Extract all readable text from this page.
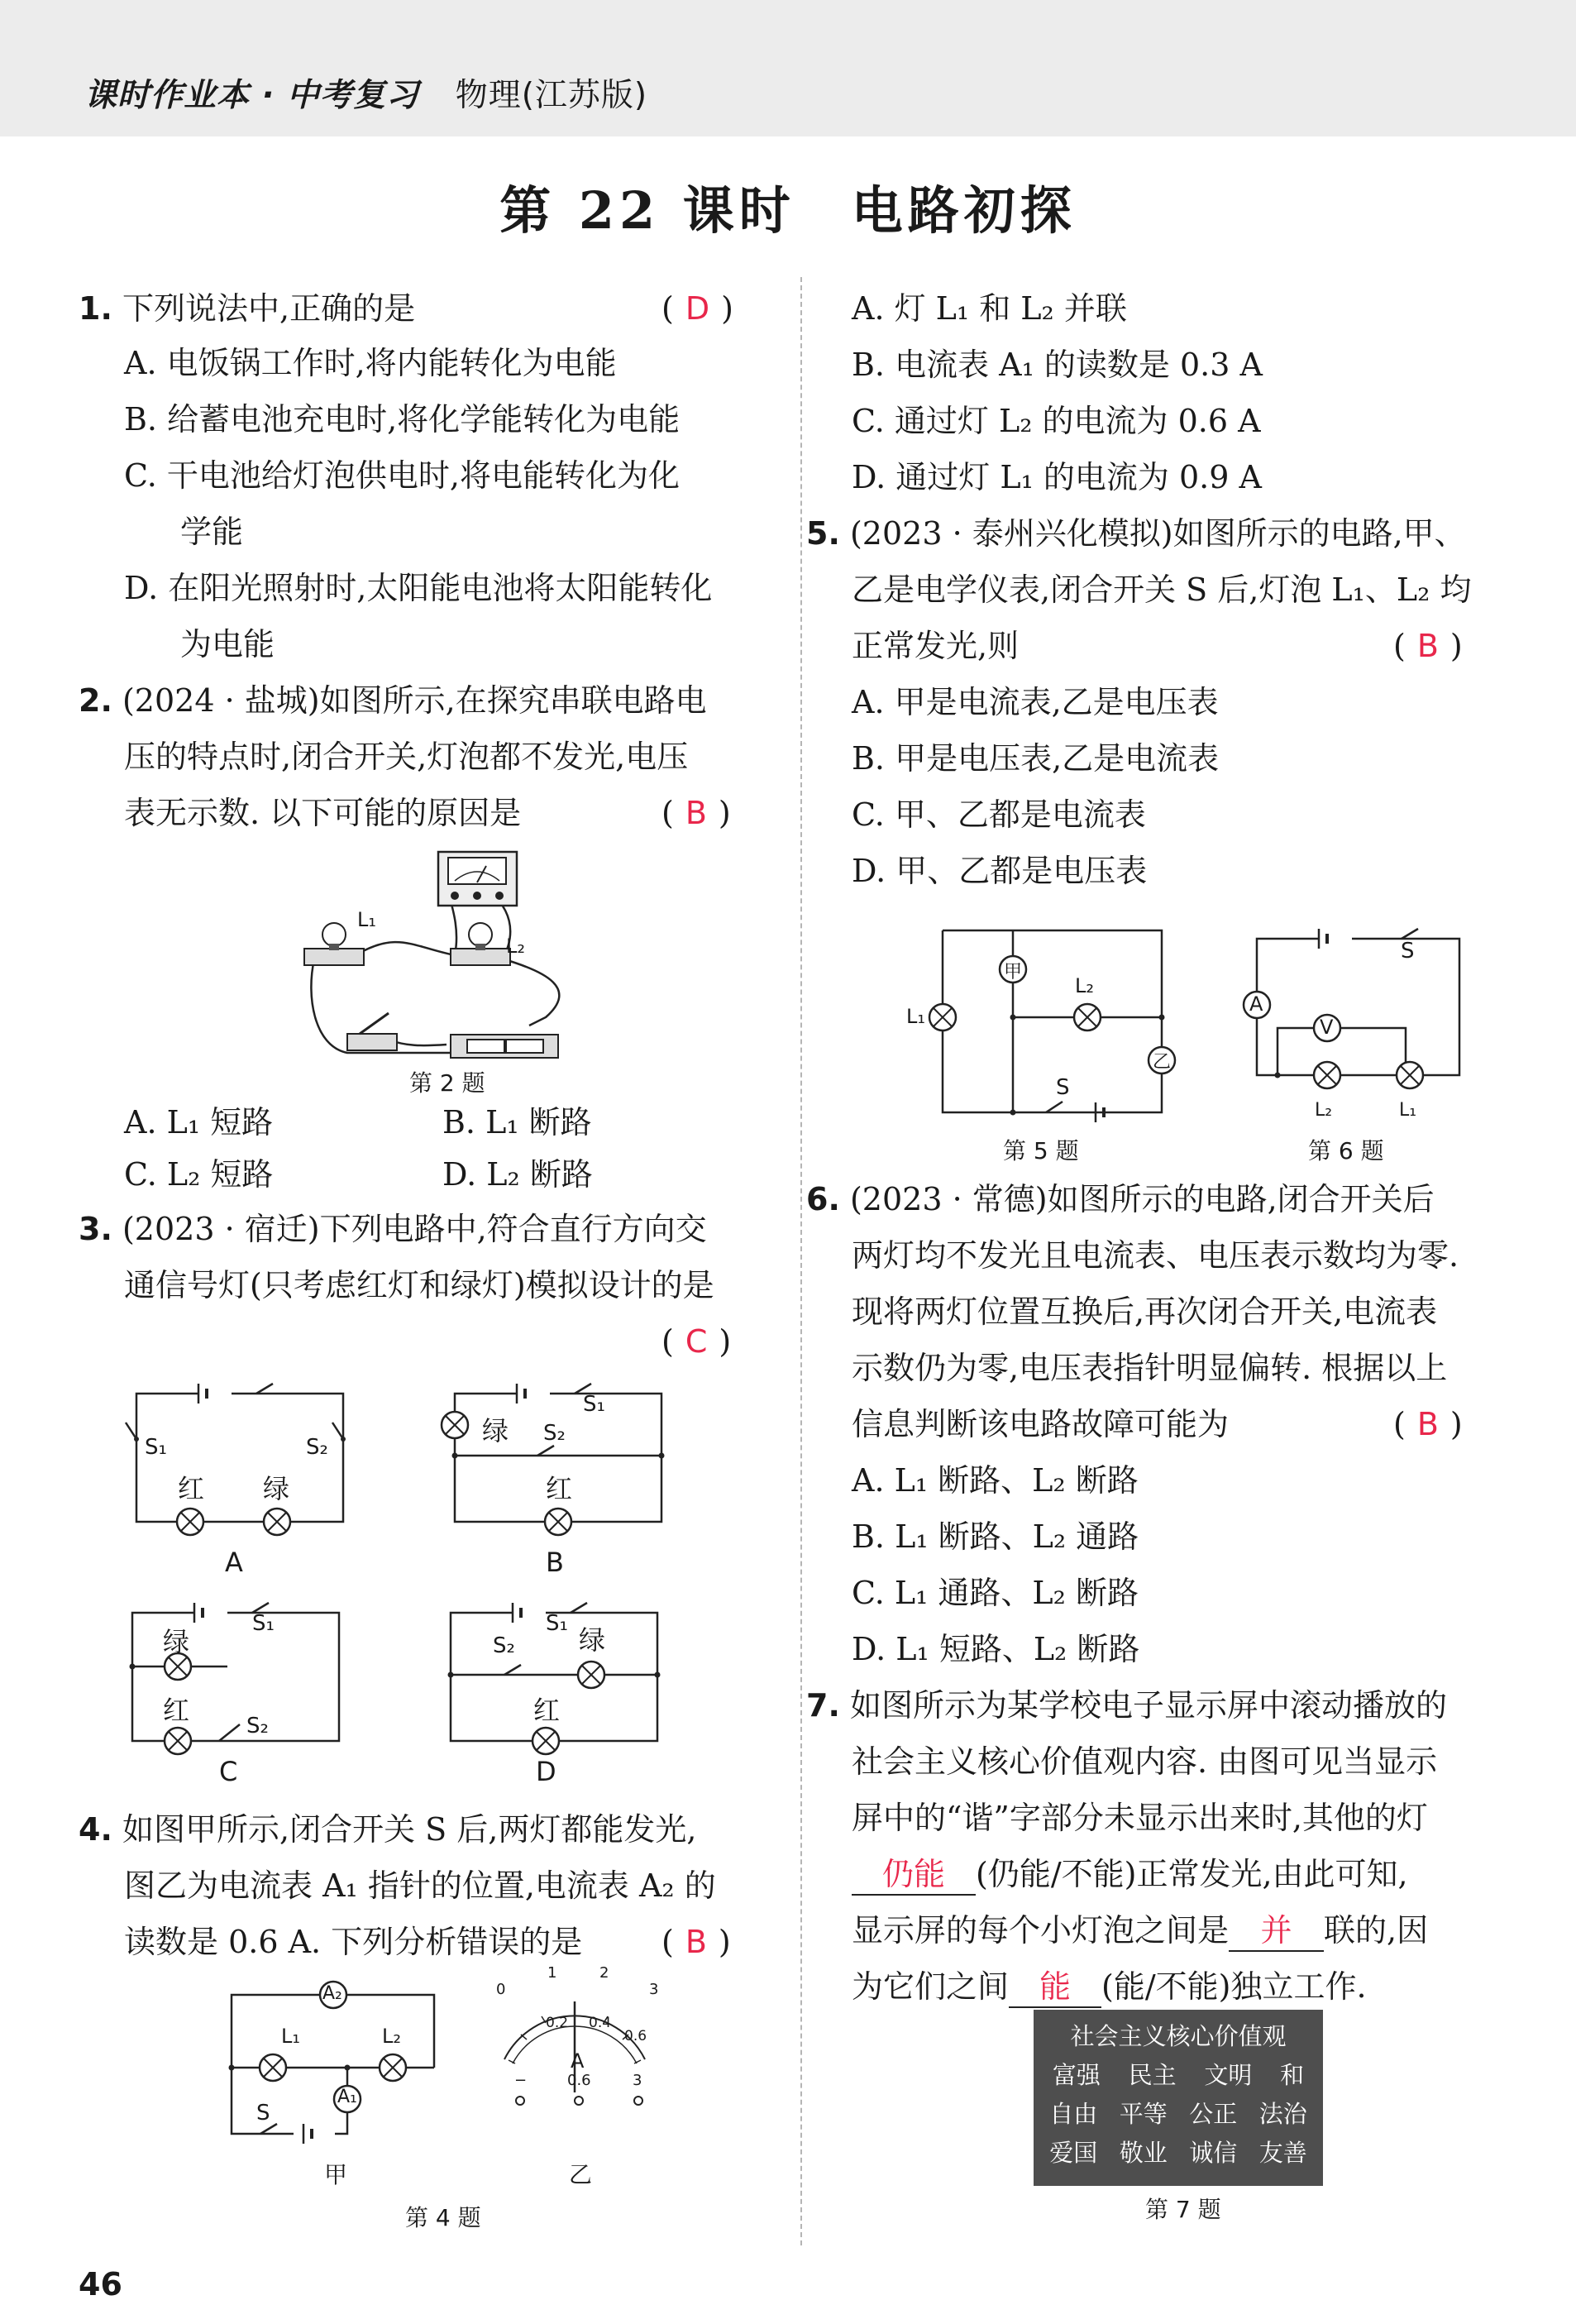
课时作业本 · 中考复习 物理(江苏版)
第 22 课时　电路初探
1. 下列说法中,正确的是	( D )
A. 电饭锅工作时,将内能转化为电能
B. 给蓄电池充电时,将化学能转化为电能
C. 干电池给灯泡供电时,将电能转化为化
学能
D. 在阳光照射时,太阳能电池将太阳能转化
为电能
2. (2024 · 盐城)如图所示,在探究串联电路电
压的特点时,闭合开关,灯泡都不发光,电压
表无示数. 以下可能的原因是	( B )
L₁
L₂
第 2 题
A. L₁ 短路	B. L₁ 断路
C. L₂ 短路	D. L₂ 断路
3. (2023 · 宿迁)下列电路中,符合直行方向交
通信号灯(只考虑红灯和绿灯)模拟设计的是
( C )
S₁	S₂
红 绿
A
绿
S₁
S₂
红
B
绿
S₁
红	S₂
C
S₁
绿
S₂
红
D
4. 如图甲所示,闭合开关 S 后,两灯都能发光,
图乙为电流表 A₁ 指针的位置,电流表 A₂ 的
读数是 0.6 A. 下列分析错误的是	( B )
A₂
A₁
L₁	L₂
S
甲
0
1	2
3
0.2 0.4
0.6
A
−	0.6	3
乙
第 4 题
46
A. 灯 L₁ 和 L₂ 并联
B. 电流表 A₁ 的读数是 0.3 A
C. 通过灯 L₂ 的电流为 0.6 A
D. 通过灯 L₁ 的电流为 0.9 A
5. (2023 · 泰州兴化模拟)如图所示的电路,甲、
乙是电学仪表,闭合开关 S 后,灯泡 L₁、L₂ 均
正常发光,则	( B )
A. 甲是电流表,乙是电压表
B. 甲是电压表,乙是电流表
C. 甲、乙都是电流表
D. 甲、乙都是电压表
甲
乙
L₁
L₂
S
第 5 题
A
V
S
L₂	L₁
第 6 题
6. (2023 · 常德)如图所示的电路,闭合开关后
两灯均不发光且电流表、电压表示数均为零.
现将两灯位置互换后,再次闭合开关,电流表
示数仍为零,电压表指针明显偏转. 根据以上
信息判断该电路故障可能为	( B )
A. L₁ 断路、L₂ 断路
B. L₁ 断路、L₂ 通路
C. L₁ 通路、L₂ 断路
D. L₁ 短路、L₂ 断路
7. 如图所示为某学校电子显示屏中滚动播放的
社会主义核心价值观内容. 由图可见当显示
屏中的“谐”字部分未显示出来时,其他的灯
仍能 (仍能/不能)正常发光,由此可知,
显示屏的每个小灯泡之间是 并 联的,因
为它们之间 能 (能/不能)独立工作.
社会主义核心价值观
富强 民主 文明 和
自由 平等 公正 法治
爱国 敬业 诚信 友善
第 7 题
